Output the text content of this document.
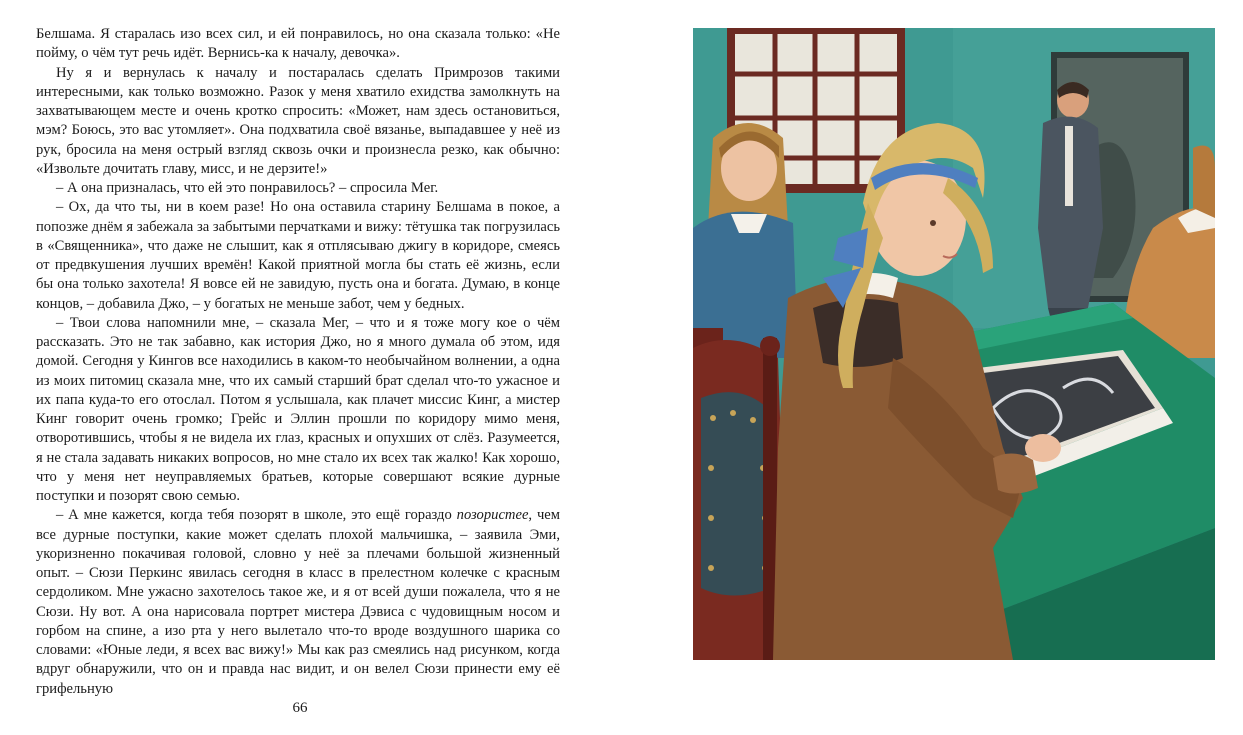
Белшама. Я старалась изо всех сил, и ей понравилось, но она сказала только: «Не пойму, о чём тут речь идёт. Вернись-ка к началу, девочка».

Ну я и вернулась к началу и постаралась сделать Примрозов такими интересными, как только возможно. Разок у меня хватило ехидства замолкнуть на захватывающем месте и очень кротко спросить: «Может, нам здесь остановиться, мэм? Боюсь, это вас утомляет». Она подхватила своё вязанье, выпадавшее у неё из рук, бросила на меня острый взгляд сквозь очки и произнесла резко, как обычно: «Извольте дочитать главу, мисс, и не дерзите!»

– А она призналась, что ей это понравилось? – спросила Мег.

– Ох, да что ты, ни в коем разе! Но она оставила старину Белшама в покое, а попозже днём я забежала за забытыми перчатками и вижу: тётушка так погрузилась в «Священника», что даже не слышит, как я отплясываю джигу в коридоре, смеясь от предвкушения лучших времён! Какой приятной могла бы стать её жизнь, если бы она только захотела! Я вовсе ей не завидую, пусть она и богата. Думаю, в конце концов, – добавила Джо, – у богатых не меньше забот, чем у бедных.

– Твои слова напомнили мне, – сказала Мег, – что и я тоже могу кое о чём рассказать. Это не так забавно, как история Джо, но я много думала об этом, идя домой. Сегодня у Кингов все находились в каком-то необычайном волнении, а одна из моих питомиц сказала мне, что их самый старший брат сделал что-то ужасное и их папа куда-то его отослал. Потом я услышала, как плачет миссис Кинг, а мистер Кинг говорит очень громко; Грейс и Эллин прошли по коридору мимо меня, отворотившись, чтобы я не видела их глаз, красных и опухших от слёз. Разумеется, я не стала задавать никаких вопросов, но мне стало их всех так жалко! Как хорошо, что у меня нет неуправляемых братьев, которые совершают всякие дурные поступки и позорят свою семью.

– А мне кажется, когда тебя позорят в школе, это ещё гораздо позористее, чем все дурные поступки, какие может сделать плохой мальчишка, – заявила Эми, укоризненно покачивая головой, словно у неё за плечами большой жизненный опыт. – Сюзи Перкинс явилась сегодня в класс в прелестном колечке с красным сердоликом. Мне ужасно захотелось такое же, и я от всей души пожалела, что я не Сюзи. Ну вот. А она нарисовала портрет мистера Дэвиса с чудовищным носом и горбом на спине, а изо рта у него вылетало что-то вроде воздушного шарика со словами: «Юные леди, я всех вас вижу!» Мы как раз смеялись над рисунком, когда вдруг обнаружили, что он и правда нас видит, и он велел Сюзи принести ему её грифельную

66
